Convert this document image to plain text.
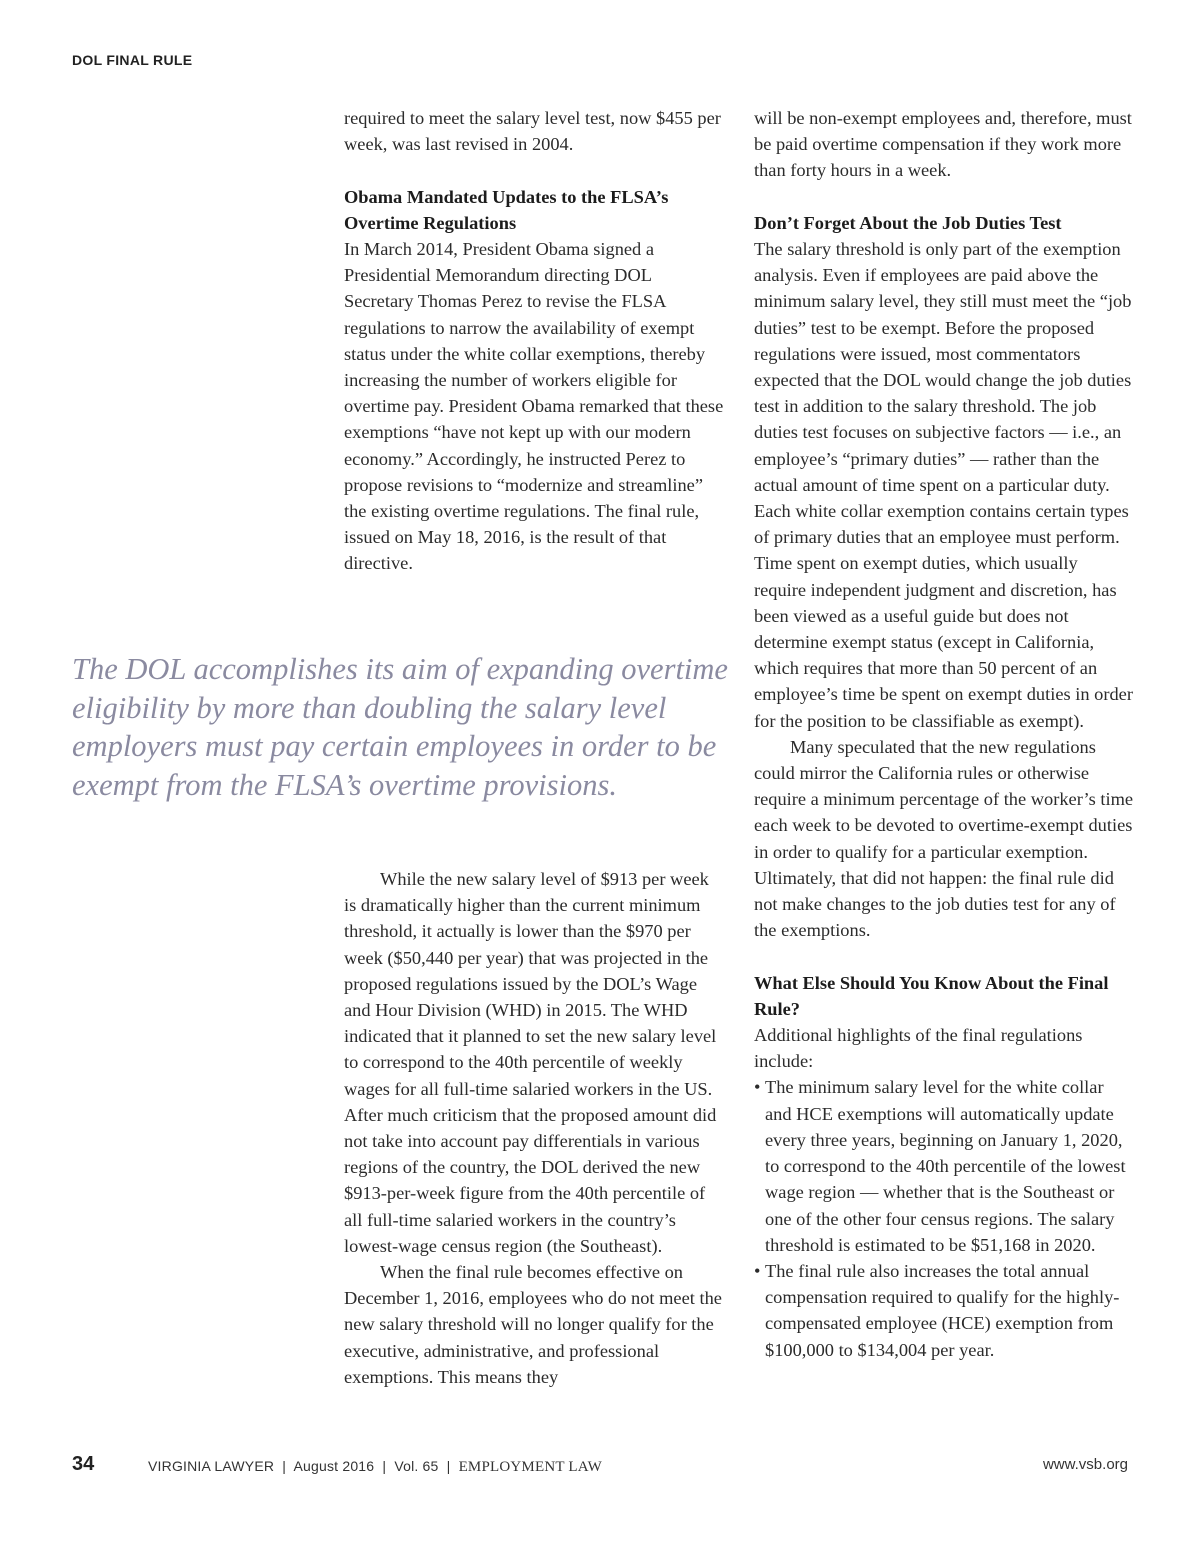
DOL FINAL RULE

required to meet the salary level test, now $455 per week, was last revised in 2004.

Obama Mandated Updates to the FLSA’s Overtime Regulations

In March 2014, President Obama signed a Presidential Memorandum directing DOL Secretary Thomas Perez to revise the FLSA regulations to narrow the availability of exempt status under the white collar exemptions, thereby increasing the number of workers eligible for overtime pay. President Obama remarked that these exemptions “have not kept up with our modern economy.” Accordingly, he instructed Perez to propose revisions to “modernize and streamline” the existing overtime regulations. The final rule, issued on May 18, 2016, is the result of that directive.

The DOL accomplishes its aim of expanding overtime eligibility by more than doubling the salary level employers must pay certain employees in order to be exempt from the FLSA’s overtime provisions.

While the new salary level of $913 per week is dramatically higher than the current minimum threshold, it actually is lower than the $970 per week ($50,440 per year) that was projected in the proposed regulations issued by the DOL’s Wage and Hour Division (WHD) in 2015. The WHD indicated that it planned to set the new salary level to correspond to the 40th percentile of weekly wages for all full-time salaried workers in the US. After much criticism that the proposed amount did not take into account pay differentials in various regions of the country, the DOL derived the new $913-per-week figure from the 40th percentile of all full-time salaried workers in the country’s lowest-wage census region (the Southeast).

When the final rule becomes effective on December 1, 2016, employees who do not meet the new salary threshold will no longer qualify for the executive, administrative, and professional exemptions. This means they

will be non-exempt employees and, therefore, must be paid overtime compensation if they work more than forty hours in a week.

Don’t Forget About the Job Duties Test

The salary threshold is only part of the exemption analysis. Even if employees are paid above the minimum salary level, they still must meet the “job duties” test to be exempt. Before the proposed regulations were issued, most commentators expected that the DOL would change the job duties test in addition to the salary threshold. The job duties test focuses on subjective factors — i.e., an employee’s “primary duties” — rather than the actual amount of time spent on a particular duty. Each white collar exemption contains certain types of primary duties that an employee must perform. Time spent on exempt duties, which usually require independent judgment and discretion, has been viewed as a useful guide but does not determine exempt status (except in California, which requires that more than 50 percent of an employee’s time be spent on exempt duties in order for the position to be classifiable as exempt).

Many speculated that the new regulations could mirror the California rules or otherwise require a minimum percentage of the worker’s time each week to be devoted to overtime-exempt duties in order to qualify for a particular exemption. Ultimately, that did not happen: the final rule did not make changes to the job duties test for any of the exemptions.

What Else Should You Know About the Final Rule?

Additional highlights of the final regulations include:

• The minimum salary level for the white collar and HCE exemptions will automatically update every three years, beginning on January 1, 2020, to correspond to the 40th percentile of the lowest wage region — whether that is the Southeast or one of the other four census regions. The salary threshold is estimated to be $51,168 in 2020.
• The final rule also increases the total annual compensation required to qualify for the highly-compensated employee (HCE) exemption from $100,000 to $134,004 per year.
34	VIRGINIA LAWYER | August 2016 | Vol. 65 | EMPLOYMENT LAW	www.vsb.org
